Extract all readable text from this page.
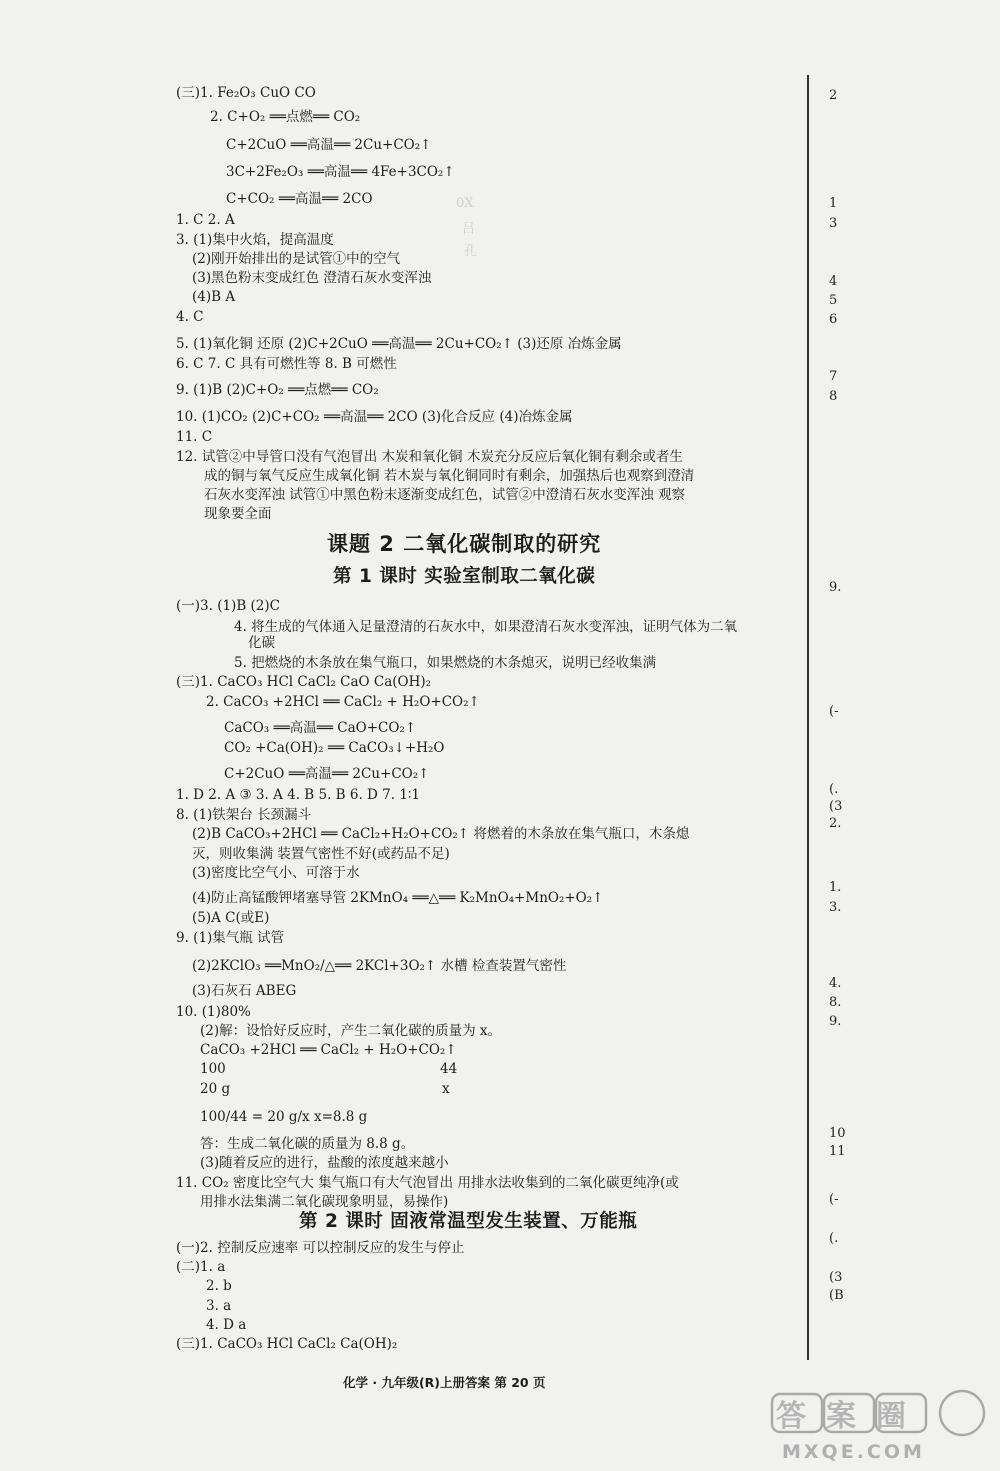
(三)1. Fe₂O₃ CuO CO
2. C+O₂ ══点燃══ CO₂
C+2CuO ══高温══ 2Cu+CO₂↑
3C+2Fe₂O₃ ══高温══ 4Fe+3CO₂↑
C+CO₂ ══高温══ 2CO
1. C 2. A
3. (1)集中火焰，提高温度
(2)刚开始排出的是试管①中的空气
(3)黑色粉末变成红色 澄清石灰水变浑浊
(4)B A
4. C
5. (1)氧化铜 还原 (2)C+2CuO ══高温══ 2Cu+CO₂↑ (3)还原 冶炼金属
6. C 7. C 具有可燃性等 8. B 可燃性
9. (1)B (2)C+O₂ ══点燃══ CO₂
10. (1)CO₂ (2)C+CO₂ ══高温══ 2CO (3)化合反应 (4)冶炼金属
11. C
12. 试管②中导管口没有气泡冒出 木炭和氧化铜 木炭充分反应后氧化铜有剩余或者生
成的铜与氧气反应生成氧化铜 若木炭与氧化铜同时有剩余，加强热后也观察到澄清
石灰水变浑浊 试管①中黑色粉末逐渐变成红色，试管②中澄清石灰水变浑浊 观察
现象要全面
(一)3. (1)B (2)C
4. 将生成的气体通入足量澄清的石灰水中，如果澄清石灰水变浑浊，证明气体为二氧
化碳
5. 把燃烧的木条放在集气瓶口，如果燃烧的木条熄灭，说明已经收集满
(三)1. CaCO₃ HCl CaCl₂ CaO Ca(OH)₂
2. CaCO₃ +2HCl ══ CaCl₂ + H₂O+CO₂↑
CaCO₃ ══高温══ CaO+CO₂↑
CO₂ +Ca(OH)₂ ══ CaCO₃↓+H₂O
C+2CuO ══高温══ 2Cu+CO₂↑
1. D 2. A ③ 3. A 4. B 5. B 6. D 7. 1∶1
8. (1)铁架台 长颈漏斗
(2)B CaCO₃+2HCl ══ CaCl₂+H₂O+CO₂↑ 将燃着的木条放在集气瓶口，木条熄
灭，则收集满 装置气密性不好(或药品不足)
(3)密度比空气小、可溶于水
(4)防止高锰酸钾堵塞导管 2KMnO₄ ══△══ K₂MnO₄+MnO₂+O₂↑
(5)A C(或E)
9. (1)集气瓶 试管
(2)2KClO₃ ══MnO₂/△══ 2KCl+3O₂↑ 水槽 检查装置气密性
(3)石灰石 ABEG
10. (1)80%
(2)解：设恰好反应时，产生二氧化碳的质量为 x。
CaCO₃ +2HCl ══ CaCl₂ + H₂O+CO₂↑
100	44
20 g	x
100/44 = 20 g/x x=8.8 g
答：生成二氧化碳的质量为 8.8 g。
(3)随着反应的进行，盐酸的浓度越来越小
11. CO₂ 密度比空气大 集气瓶口有大气泡冒出 用排水法收集到的二氧化碳更纯净(或
用排水法集满二氧化碳现象明显，易操作)
(一)2. 控制反应速率 可以控制反应的发生与停止
(二)1. a
2. b
3. a
4. D a
(三)1. CaCO₃ HCl CaCl₂ Ca(OH)₂
课题 2 二氧化碳制取的研究
第 1 课时 实验室制取二氧化碳
第 2 课时 固液常温型发生装置、万能瓶
2
1
3
4
5
6
7
8
9.
(-
(.
(3
2.
1.
3.
4.
8.
9.
10
11
(-
(.
(3
(B
0X
吕
孔
化学 · 九年级(R)上册答案 第 20 页
答案圈
MXQE.COM
